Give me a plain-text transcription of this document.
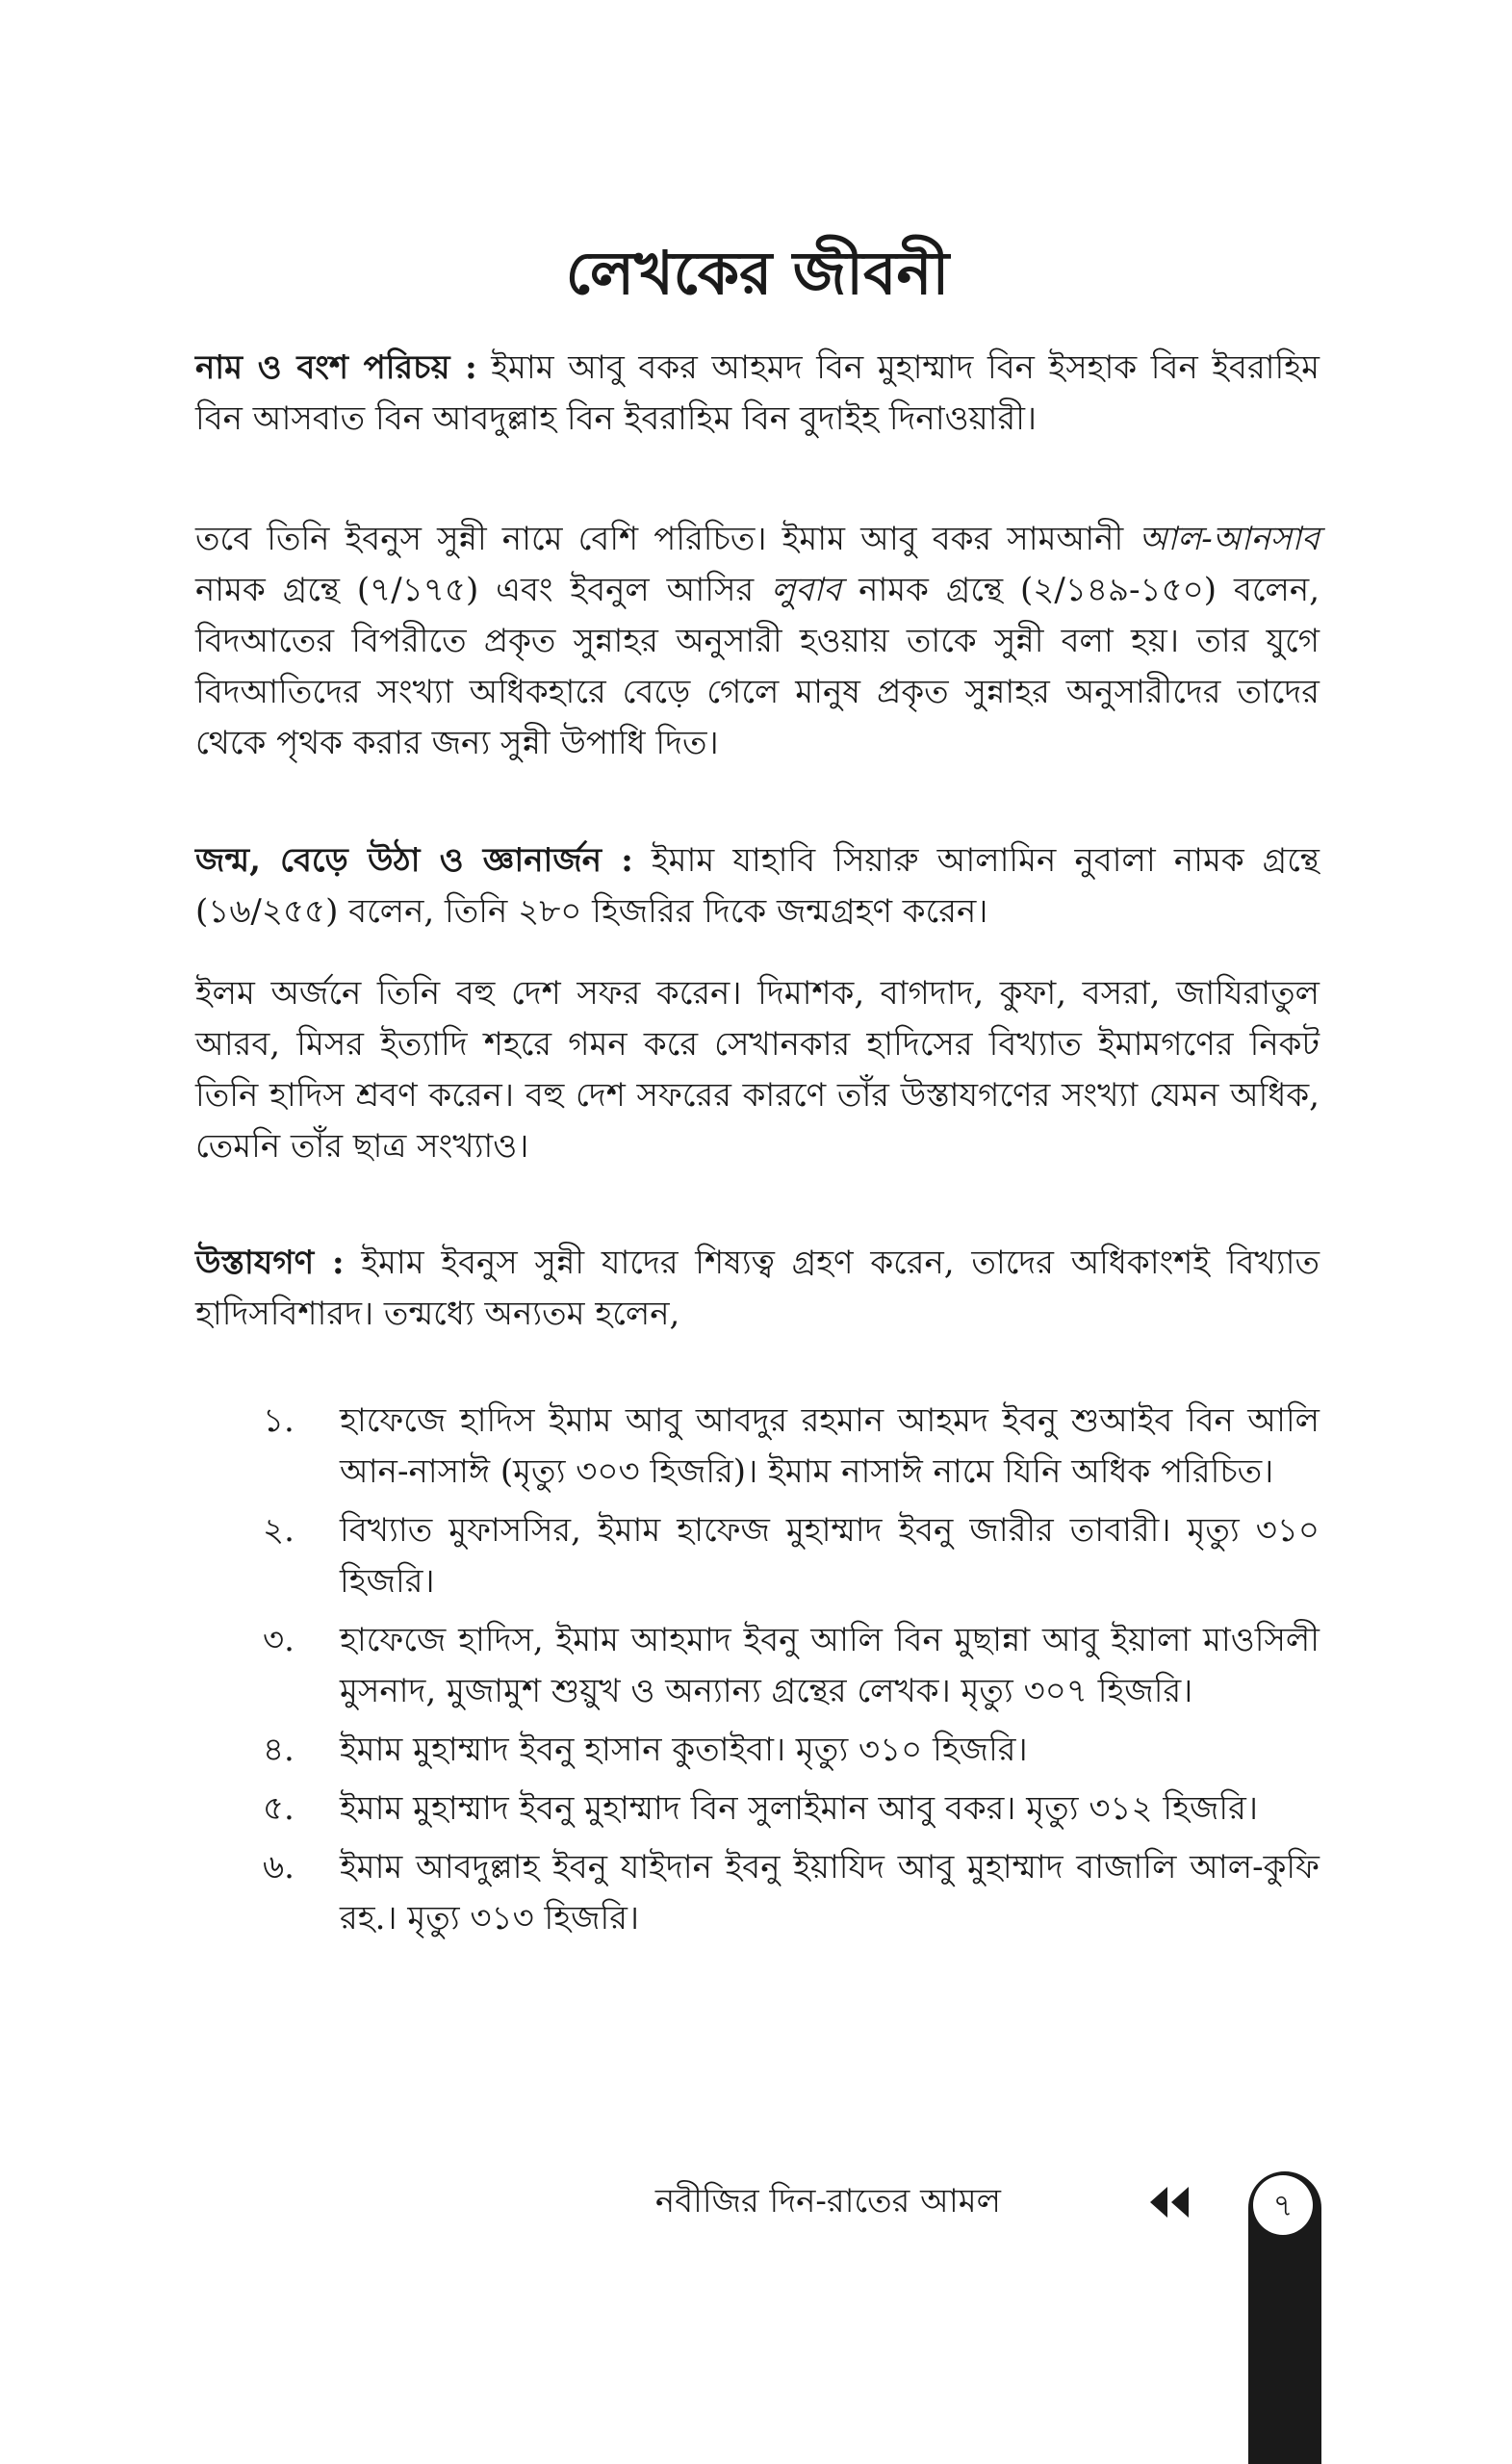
লেখকের জীবনী

নাম ও বংশ পরিচয় : ইমাম আবু বকর আহমদ বিন মুহাম্মাদ বিন ইসহাক বিন ইবরাহিম বিন আসবাত বিন আবদুল্লাহ বিন ইবরাহিম বিন বুদাইহ দিনাওয়ারী।

তবে তিনি ইবনুস সুন্নী নামে বেশি পরিচিত। ইমাম আবু বকর সামআনী আল-আনসাব নামক গ্রন্থে (৭/১৭৫) এবং ইবনুল আসির লুবাব নামক গ্রন্থে (২/১৪৯-১৫০) বলেন, বিদআতের বিপরীতে প্রকৃত সুন্নাহর অনুসারী হওয়ায় তাকে সুন্নী বলা হয়। তার যুগে বিদআতিদের সংখ্যা অধিকহারে বেড়ে গেলে মানুষ প্রকৃত সুন্নাহর অনুসারীদের তাদের থেকে পৃথক করার জন্য সুন্নী উপাধি দিত।

জন্ম, বেড়ে উঠা ও জ্ঞানার্জন : ইমাম যাহাবি সিয়ারু আলামিন নুবালা নামক গ্রন্থে (১৬/২৫৫) বলেন, তিনি ২৮০ হিজরির দিকে জন্মগ্রহণ করেন।

ইলম অর্জনে তিনি বহু দেশ সফর করেন। দিমাশক, বাগদাদ, কুফা, বসরা, জাযিরাতুল আরব, মিসর ইত্যাদি শহরে গমন করে সেখানকার হাদিসের বিখ্যাত ইমামগণের নিকট তিনি হাদিস শ্রবণ করেন। বহু দেশ সফরের কারণে তাঁর উস্তাযগণের সংখ্যা যেমন অধিক, তেমনি তাঁর ছাত্র সংখ্যাও।

উস্তাযগণ : ইমাম ইবনুস সুন্নী যাদের শিষ্যত্ব গ্রহণ করেন, তাদের অধিকাংশই বিখ্যাত হাদিসবিশারদ। তন্মধ্যে অন্যতম হলেন,

১.	হাফেজে হাদিস ইমাম আবু আবদুর রহমান আহমদ ইবনু শুআইব বিন আলি আন-নাসাঈ (মৃত্যু ৩০৩ হিজরি)। ইমাম নাসাঈ নামে যিনি অধিক পরিচিত।
২.	বিখ্যাত মুফাসসির, ইমাম হাফেজ মুহাম্মাদ ইবনু জারীর তাবারী। মৃত্যু ৩১০ হিজরি।
৩.	হাফেজে হাদিস, ইমাম আহমাদ ইবনু আলি বিন মুছান্না আবু ইয়ালা মাওসিলী মুসনাদ, মুজামুশ শুয়ুখ ও অন্যান্য গ্রন্থের লেখক। মৃত্যু ৩০৭ হিজরি।
৪.	ইমাম মুহাম্মাদ ইবনু হাসান কুতাইবা। মৃত্যু ৩১০ হিজরি।
৫.	ইমাম মুহাম্মাদ ইবনু মুহাম্মাদ বিন সুলাইমান আবু বকর। মৃত্যু ৩১২ হিজরি।
৬.	ইমাম আবদুল্লাহ ইবনু যাইদান ইবনু ইয়াযিদ আবু মুহাম্মাদ বাজালি আল-কুফি রহ.। মৃত্যু ৩১৩ হিজরি।
নবীজির দিন-রাতের আমল	৭
